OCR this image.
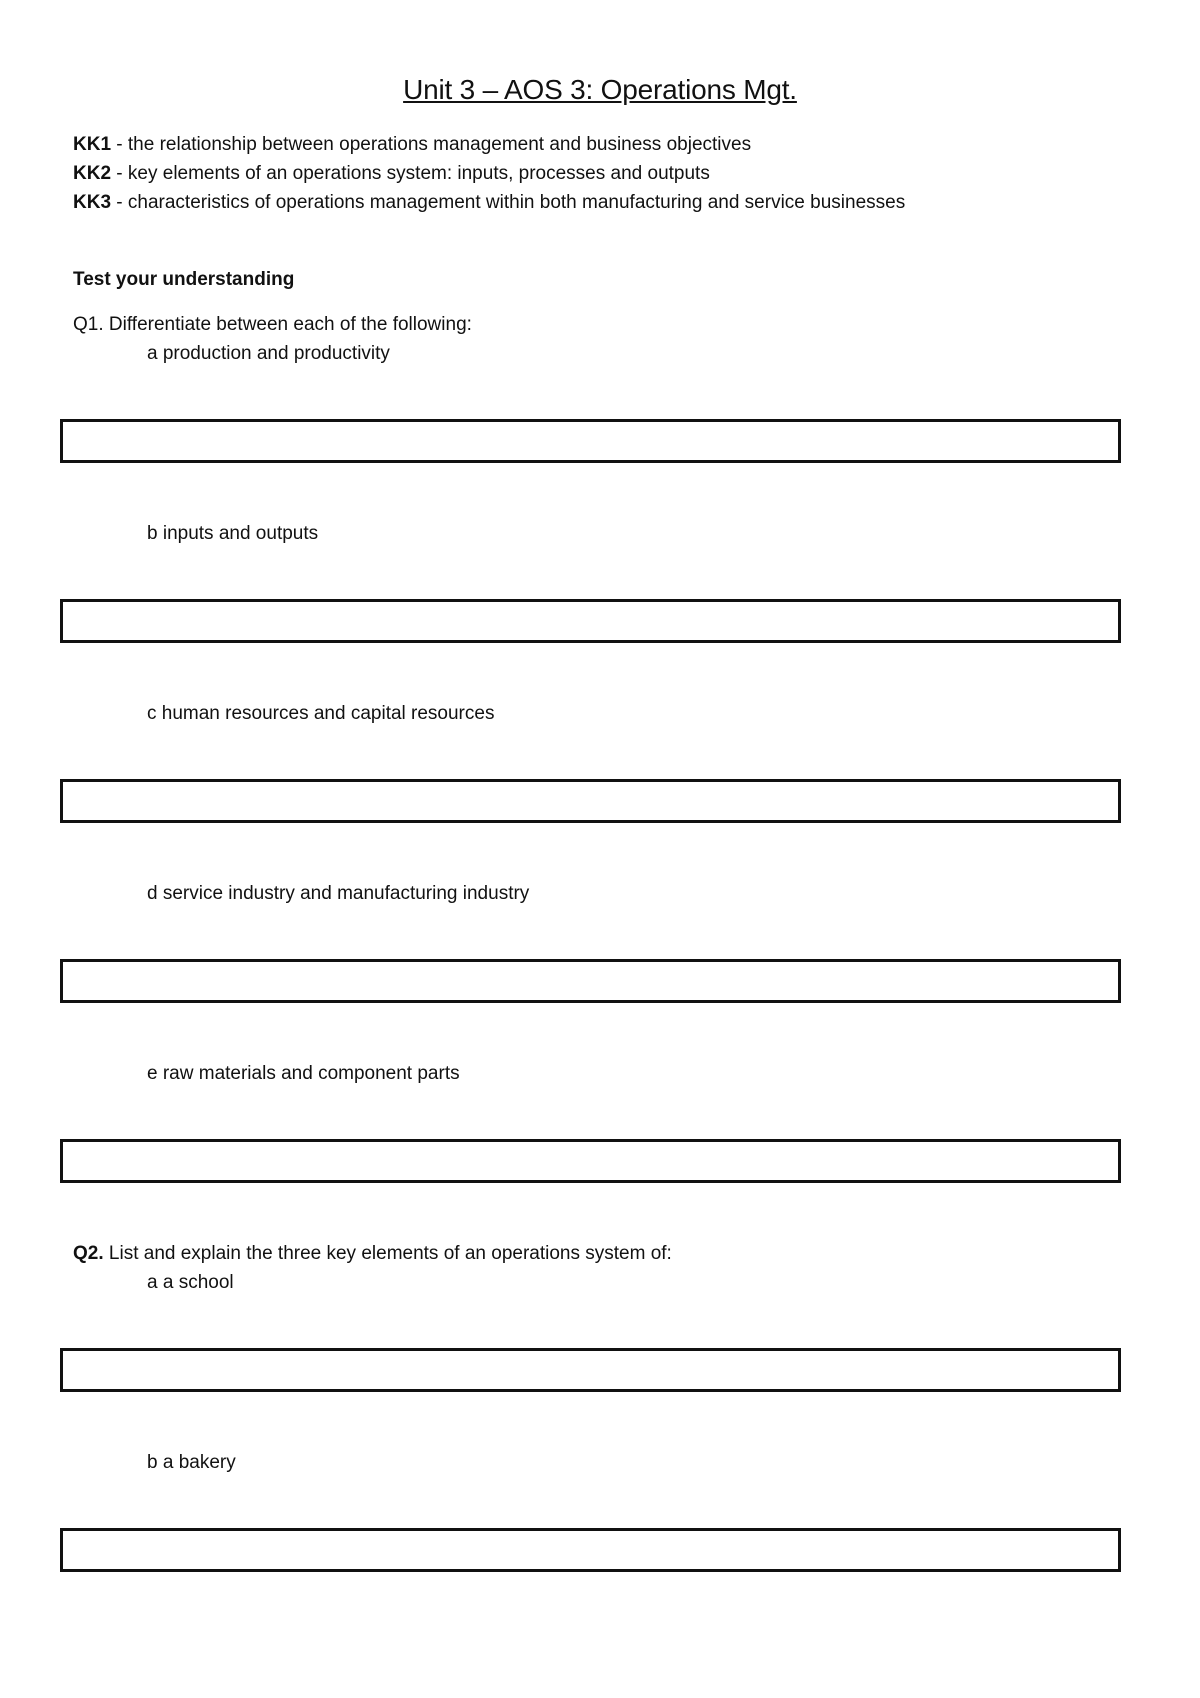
Unit 3 – AOS 3: Operations Mgt.
KK1 - the relationship between operations management and business objectives
KK2 - key elements of an operations system: inputs, processes and outputs
KK3 - characteristics of operations management within both manufacturing and service businesses
Test your understanding
Q1. Differentiate between each of the following:
a production and productivity
b inputs and outputs
c human resources and capital resources
d service industry and manufacturing industry
e raw materials and component parts
Q2. List and explain the three key elements of an operations system of:
a a school
b a bakery
